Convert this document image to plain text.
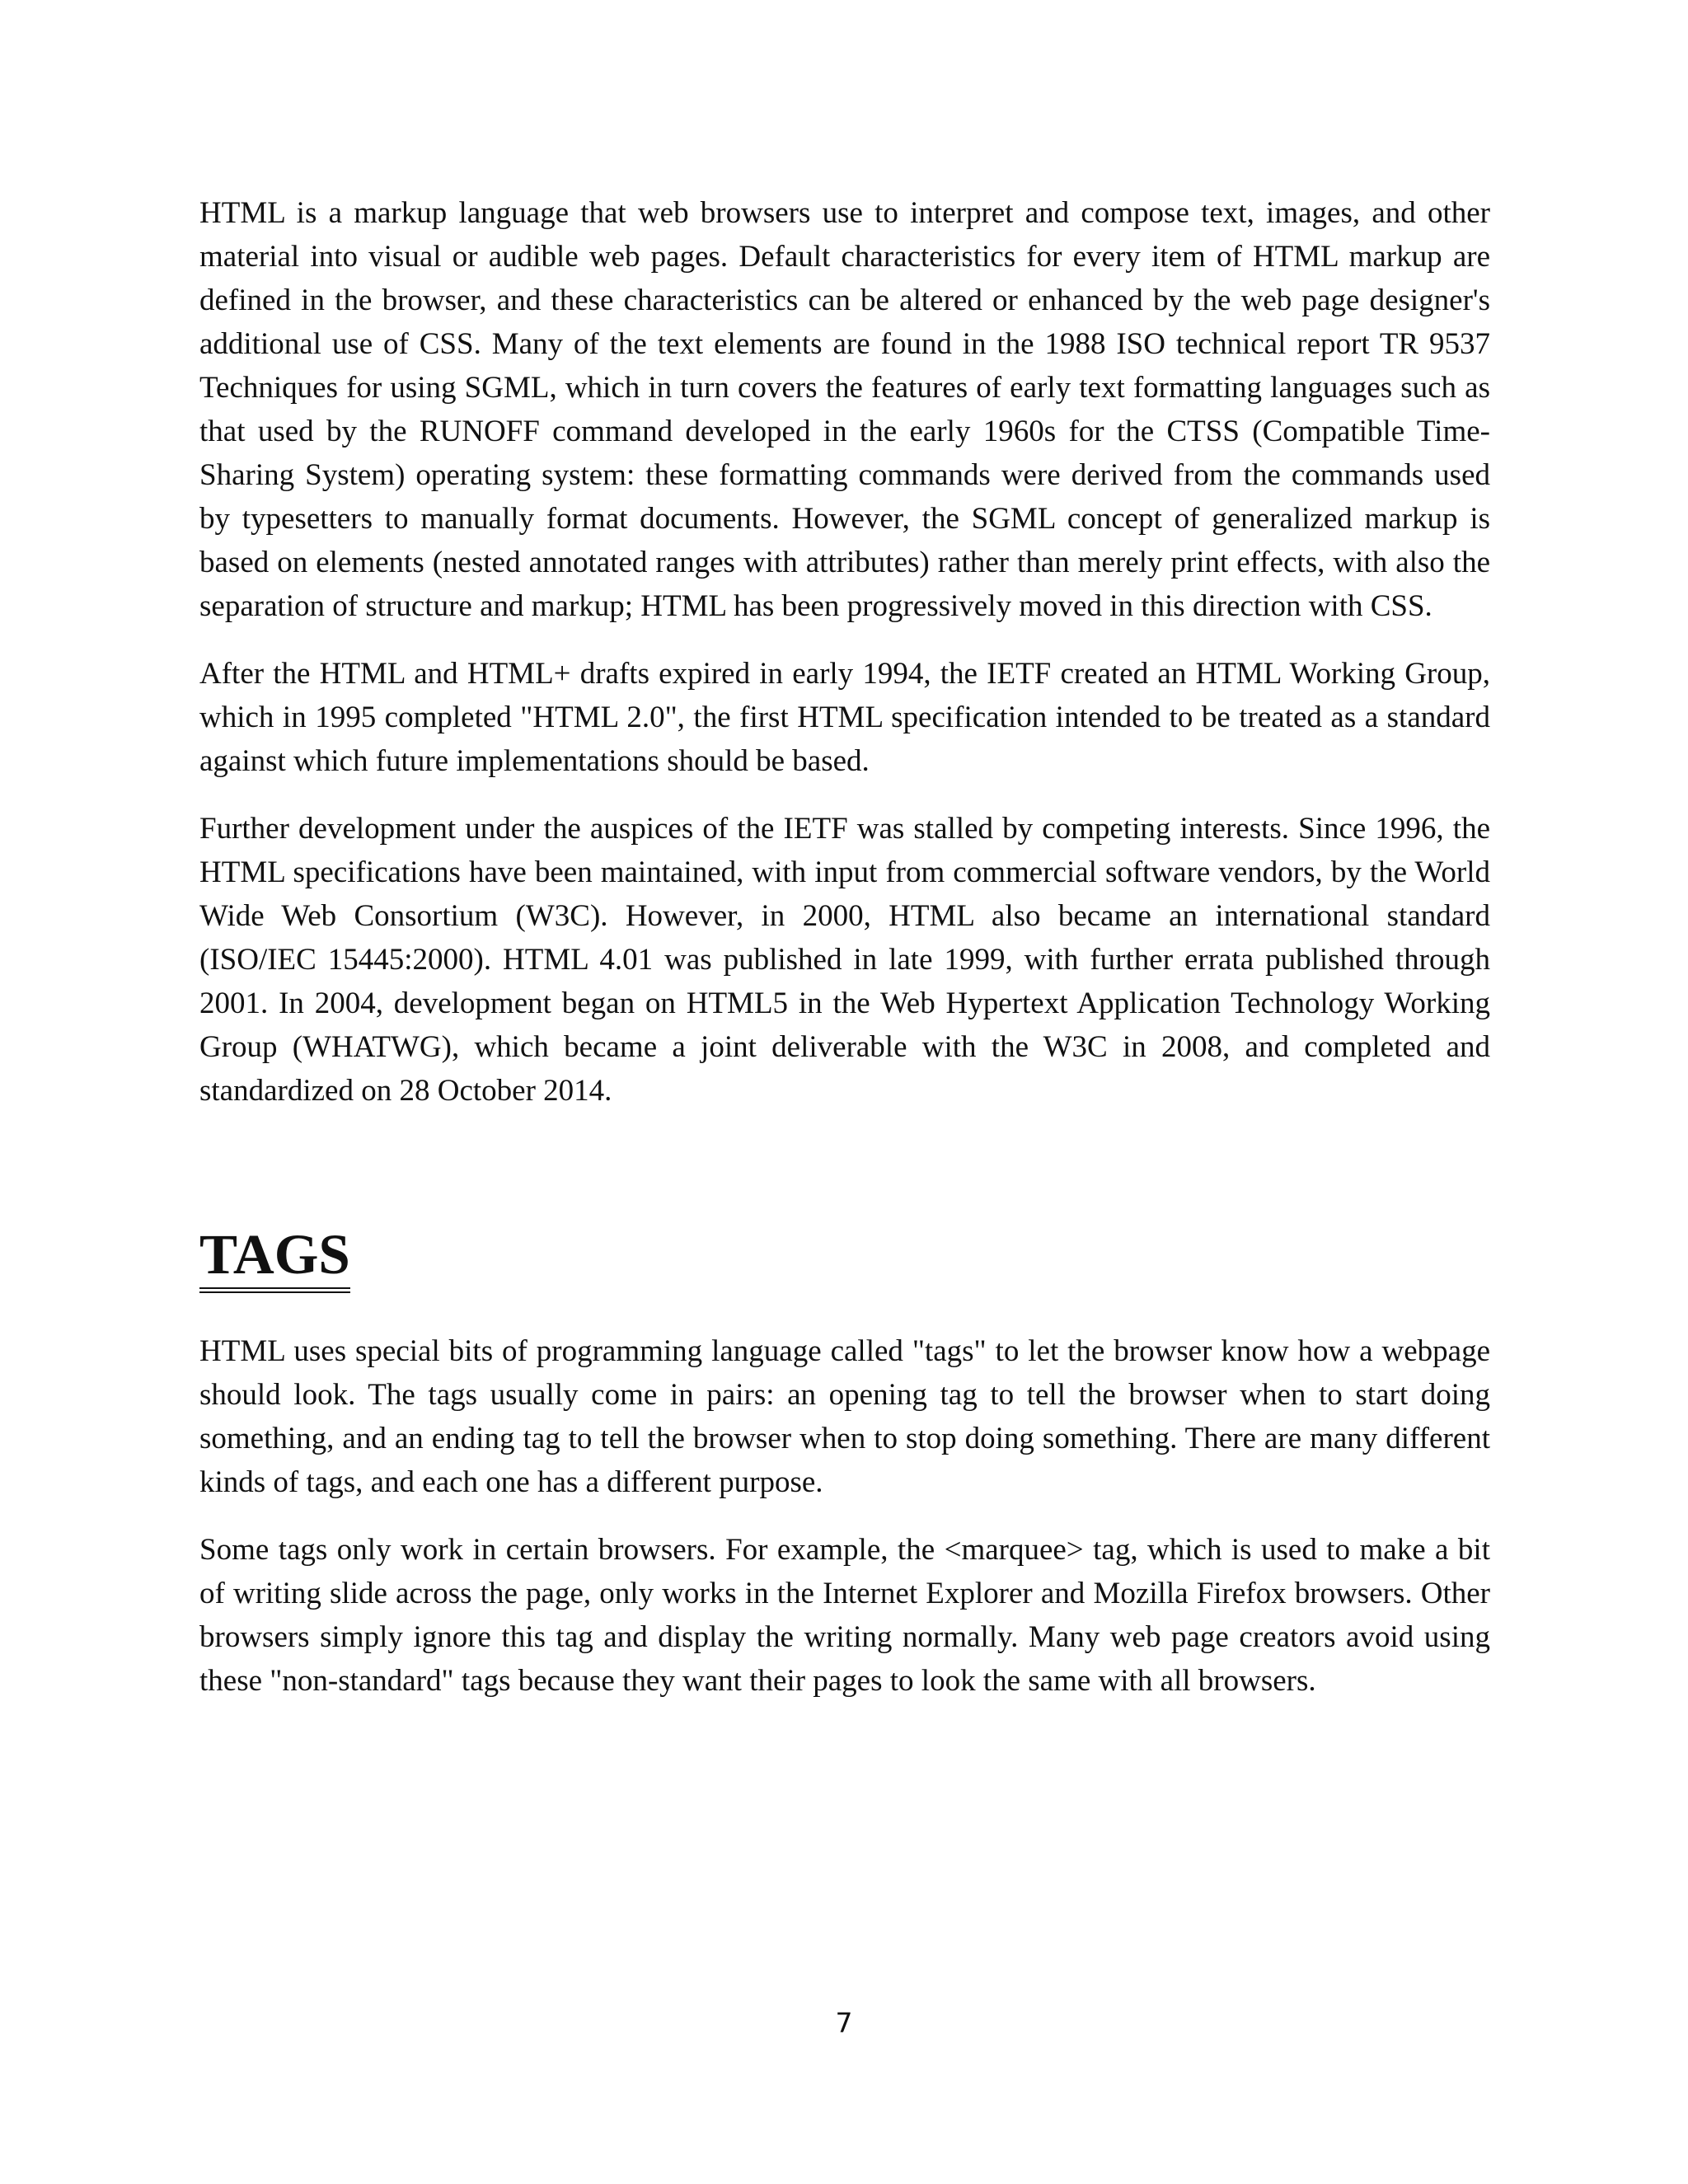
HTML is a markup language that web browsers use to interpret and compose text, images, and other material into visual or audible web pages. Default characteristics for every item of HTML markup are defined in the browser, and these characteristics can be altered or enhanced by the web page designer's additional use of CSS. Many of the text elements are found in the 1988 ISO technical report TR 9537 Techniques for using SGML, which in turn covers the features of early text formatting languages such as that used by the RUNOFF command developed in the early 1960s for the CTSS (Compatible Time-Sharing System) operating system: these formatting commands were derived from the commands used by typesetters to manually format documents. However, the SGML concept of generalized markup is based on elements (nested annotated ranges with attributes) rather than merely print effects, with also the separation of structure and markup; HTML has been progressively moved in this direction with CSS.

After the HTML and HTML+ drafts expired in early 1994, the IETF created an HTML Working Group, which in 1995 completed "HTML 2.0", the first HTML specification intended to be treated as a standard against which future implementations should be based.

Further development under the auspices of the IETF was stalled by competing interests. Since 1996, the HTML specifications have been maintained, with input from commercial software vendors, by the World Wide Web Consortium (W3C). However, in 2000, HTML also became an international standard (ISO/IEC 15445:2000). HTML 4.01 was published in late 1999, with further errata published through 2001. In 2004, development began on HTML5 in the Web Hypertext Application Technology Working Group (WHATWG), which became a joint deliverable with the W3C in 2008, and completed and standardized on 28 October 2014.

TAGS

HTML uses special bits of programming language called "tags" to let the browser know how a webpage should look. The tags usually come in pairs: an opening tag to tell the browser when to start doing something, and an ending tag to tell the browser when to stop doing something. There are many different kinds of tags, and each one has a different purpose.

Some tags only work in certain browsers. For example, the <marquee> tag, which is used to make a bit of writing slide across the page, only works in the Internet Explorer and Mozilla Firefox browsers. Other browsers simply ignore this tag and display the writing normally. Many web page creators avoid using these "non-standard" tags because they want their pages to look the same with all browsers.

7
